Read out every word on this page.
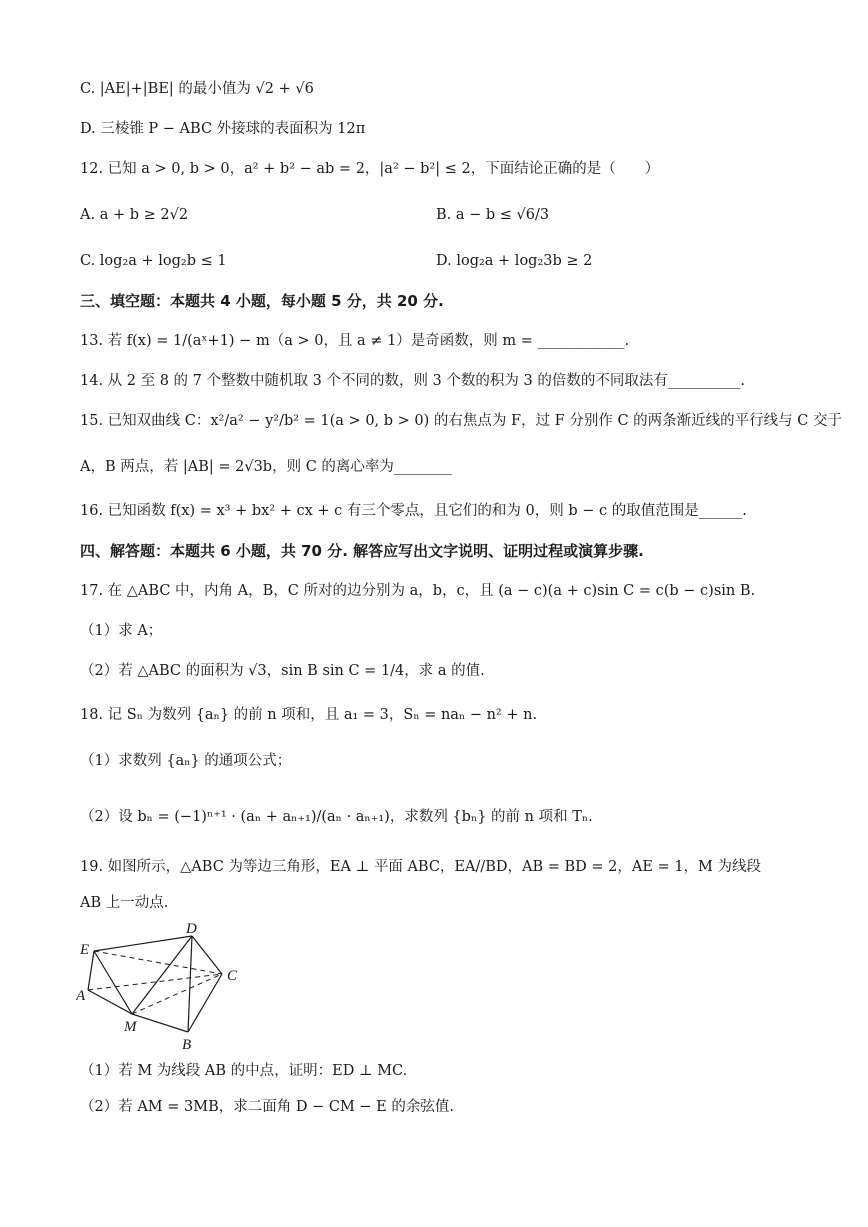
C. |AE|+|BE| 的最小值为 √2 + √6
D. 三棱锥 P − ABC 外接球的表面积为 12π
12. 已知 a > 0, b > 0，a² + b² − ab = 2，|a² − b²| ≤ 2，下面结论正确的是（　　）
A. a + b ≥ 2√2	B. a − b ≤ √6/3
C. log₂a + log₂b ≤ 1	D. log₂a + log₂3b ≥ 2
三、填空题：本题共 4 小题，每小题 5 分，共 20 分.
13. 若 f(x) = 1/(aˣ+1) − m（a > 0，且 a ≠ 1）是奇函数，则 m = ____________.
14. 从 2 至 8 的 7 个整数中随机取 3 个不同的数，则 3 个数的积为 3 的倍数的不同取法有__________.
15. 已知双曲线 C：x²/a² − y²/b² = 1(a > 0, b > 0) 的右焦点为 F，过 F 分别作 C 的两条渐近线的平行线与 C 交于
A，B 两点，若 |AB| = 2√3b，则 C 的离心率为________
16. 已知函数 f(x) = x³ + bx² + cx + c 有三个零点，且它们的和为 0，则 b − c 的取值范围是______.
四、解答题：本题共 6 小题，共 70 分. 解答应写出文字说明、证明过程或演算步骤.
17. 在 △ABC 中，内角 A，B，C 所对的边分别为 a，b，c，且 (a − c)(a + c)sin C = c(b − c)sin B.
（1）求 A；
（2）若 △ABC 的面积为 √3，sin B sin C = 1/4，求 a 的值.
18. 记 Sₙ 为数列 {aₙ} 的前 n 项和，且 a₁ = 3，Sₙ = naₙ − n² + n.
（1）求数列 {aₙ} 的通项公式；
（2）设 bₙ = (−1)ⁿ⁺¹ · (aₙ + aₙ₊₁)/(aₙ · aₙ₊₁)，求数列 {bₙ} 的前 n 项和 Tₙ.
19. 如图所示，△ABC 为等边三角形，EA ⊥ 平面 ABC，EA//BD，AB = BD = 2，AE = 1，M 为线段
AB 上一动点.
E
D
C
A
M
B
（1）若 M 为线段 AB 的中点，证明：ED ⊥ MC.
（2）若 AM = 3MB，求二面角 D − CM − E 的余弦值.
